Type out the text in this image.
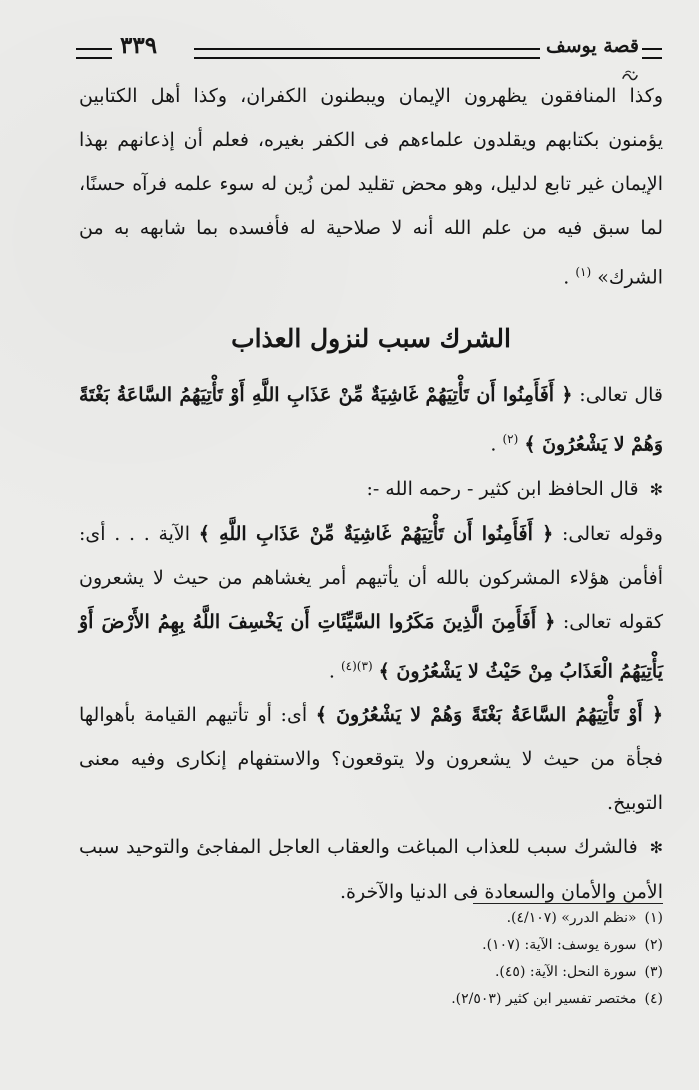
٣٣٩	قصة يوسف

وكذا المنافقون يظهرون الإيمان ويبطنون الكفران، وكذا أهل الكتابين يؤمنون بكتابهم ويقلدون علماءهم فى الكفر بغيره، فعلم أن إذعانهم بهذا الإيمان غير تابع لدليل، وهو محض تقليد لمن زُين له سوء علمه فرآه حسنًا، لما سبق فيه من علم الله أنه لا صلاحية له فأفسده بما شابهه به من الشرك» $^{(١)}$ .

الشرك سبب لنزول العذاب

قال تعالى: ﴿ أَفَأَمِنُوا أَن تَأْتِيَهُمْ غَاشِيَةٌ مِّنْ عَذَابِ اللَّهِ أَوْ تَأْتِيَهُمُ السَّاعَةُ بَغْتَةً وَهُمْ لا يَشْعُرُونَ ﴾ $^{(٢)}$ .

✻ قال الحافظ ابن كثير - رحمه الله -:

وقوله تعالى: ﴿ أَفَأَمِنُوا أَن تَأْتِيَهُمْ غَاشِيَةٌ مِّنْ عَذَابِ اللَّهِ ﴾ الآية . . . أى: أفأمن هؤلاء المشركون بالله أن يأتيهم أمر يغشاهم من حيث لا يشعرون كقوله تعالى: ﴿ أَفَأَمِنَ الَّذِينَ مَكَرُوا السَّيِّئَاتِ أَن يَخْسِفَ اللَّهُ بِهِمُ الأَرْضَ أَوْ يَأْتِيَهُمُ الْعَذَابُ مِنْ حَيْثُ لا يَشْعُرُونَ ﴾ $^{(٣)(٤)}$ .

﴿ أَوْ تَأْتِيَهُمُ السَّاعَةُ بَغْتَةً وَهُمْ لا يَشْعُرُونَ ﴾ أى: أو تأتيهم القيامة بأهوالها فجأة من حيث لا يشعرون ولا يتوقعون؟ والاستفهام إنكارى وفيه معنى التوبيخ.

✻ فالشرك سبب للعذاب المباغت والعقاب العاجل المفاجئ والتوحيد سبب الأمن والأمان والسعادة فى الدنيا والآخرة.

(١) «نظم الدرر» (٤/١٠٧).
(٢) سورة يوسف: الآية: (١٠٧).
(٣) سورة النحل: الآية: (٤٥).
(٤) مختصر تفسير ابن كثير (٢/٥٠٣).
